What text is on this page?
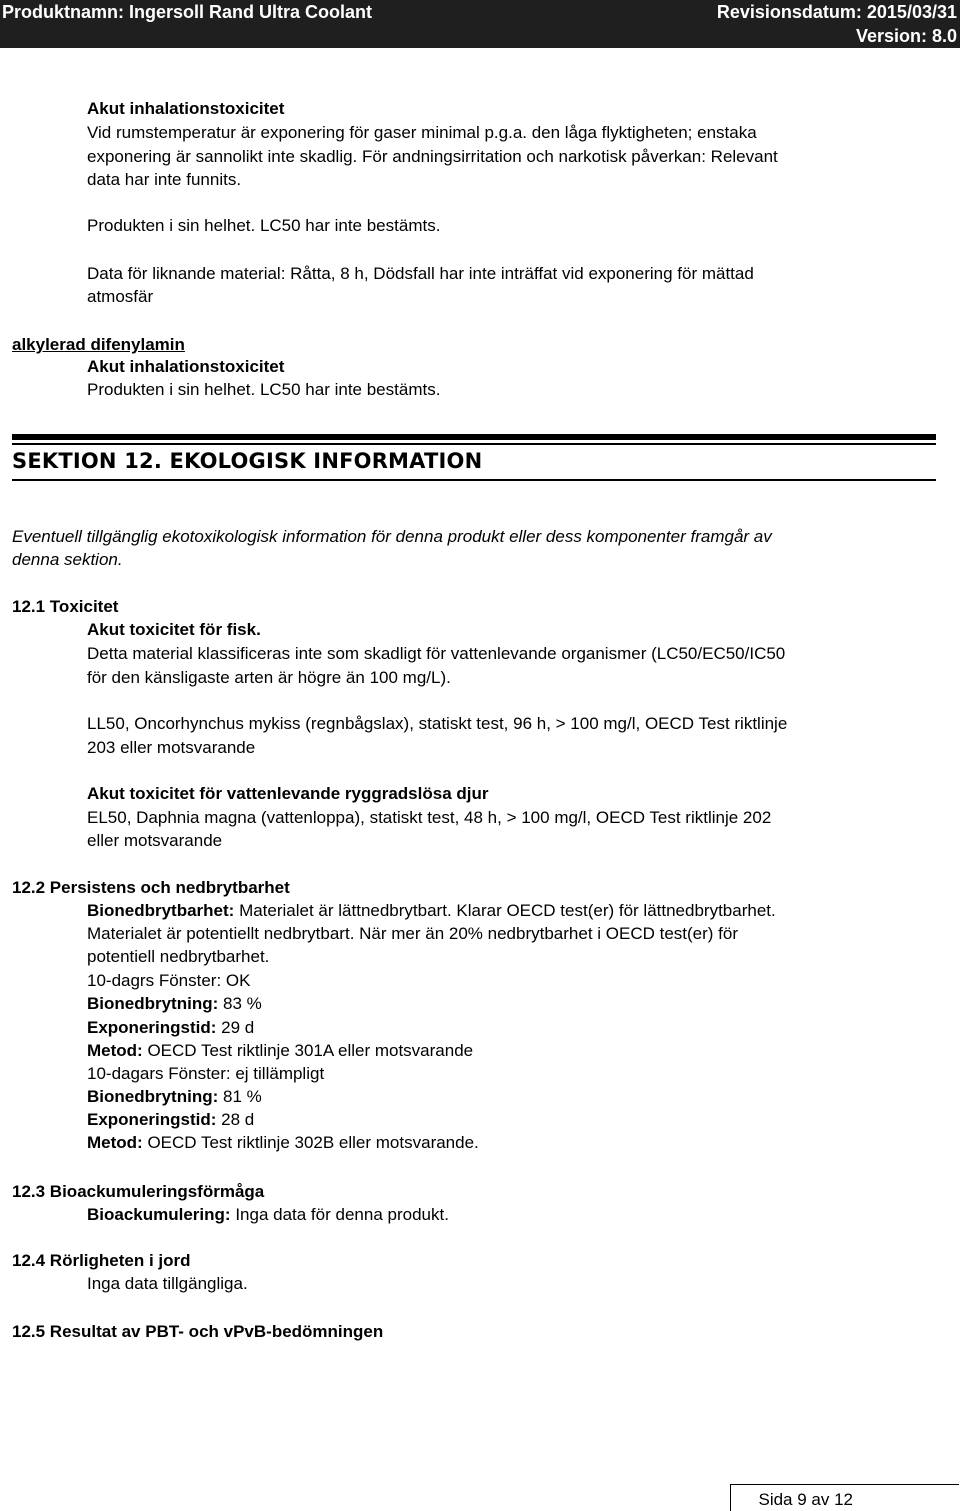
Produktnamn: Ingersoll Rand Ultra Coolant	Revisionsdatum: 2015/03/31
Version: 8.0
Akut inhalationstoxicitet
Vid rumstemperatur är exponering för gaser minimal p.g.a. den låga flyktigheten; enstaka
exponering är sannolikt inte skadlig. För andningsirritation och narkotisk påverkan: Relevant
data har inte funnits.
Produkten i sin helhet. LC50 har inte bestämts.
Data för liknande material: Råtta, 8 h, Dödsfall har inte inträffat vid exponering för mättad
atmosfär
alkylerad difenylamin
Akut inhalationstoxicitet
Produkten i sin helhet. LC50 har inte bestämts.
SEKTION 12. EKOLOGISK INFORMATION
Eventuell tillgänglig ekotoxikologisk information för denna produkt eller dess komponenter framgår av
denna sektion.
12.1 Toxicitet
Akut toxicitet för fisk.
Detta material klassificeras inte som skadligt för vattenlevande organismer (LC50/EC50/IC50
för den känsligaste arten är högre än 100 mg/L).
LL50, Oncorhynchus mykiss (regnbågslax), statiskt test, 96 h, > 100 mg/l, OECD Test riktlinje
203 eller motsvarande
Akut toxicitet för vattenlevande ryggradslösa djur
EL50, Daphnia magna (vattenloppa), statiskt test, 48 h, > 100 mg/l, OECD Test riktlinje 202
eller motsvarande
12.2 Persistens och nedbrytbarhet
Bionedbrytbarhet: Materialet är lättnedbrytbart. Klarar OECD test(er) för lättnedbrytbarhet.
Materialet är potentiellt nedbrytbart. När mer än 20% nedbrytbarhet i OECD test(er) för
potentiell nedbrytbarhet.
10-dagrs Fönster: OK
Bionedbrytning: 83 %
Exponeringstid: 29 d
Metod: OECD Test riktlinje 301A eller motsvarande
10-dagars Fönster: ej tillämpligt
Bionedbrytning: 81 %
Exponeringstid: 28 d
Metod: OECD Test riktlinje 302B eller motsvarande.
12.3 Bioackumuleringsförmåga
Bioackumulering: Inga data för denna produkt.
12.4 Rörligheten i jord
Inga data tillgängliga.
12.5 Resultat av PBT- och vPvB-bedömningen
Sida 9 av 12
